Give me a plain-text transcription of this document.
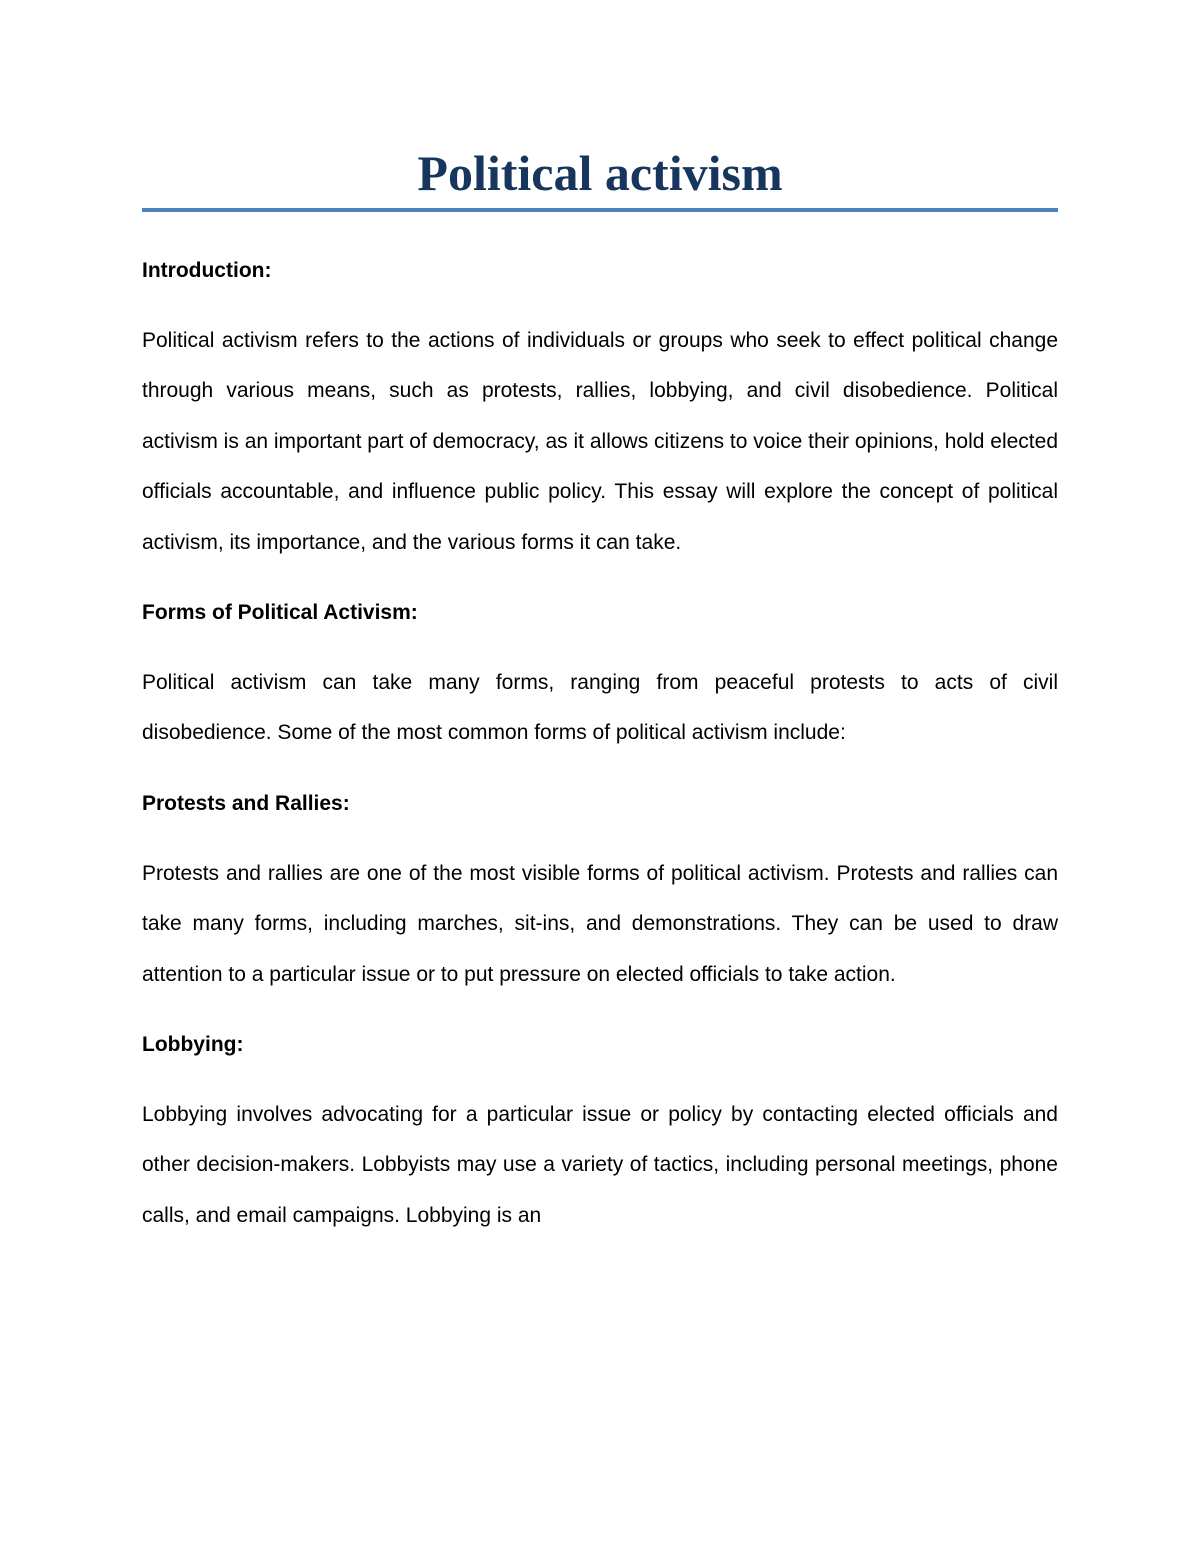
Political activism

Introduction:

Political activism refers to the actions of individuals or groups who seek to effect political change through various means, such as protests, rallies, lobbying, and civil disobedience. Political activism is an important part of democracy, as it allows citizens to voice their opinions, hold elected officials accountable, and influence public policy. This essay will explore the concept of political activism, its importance, and the various forms it can take.

Forms of Political Activism:

Political activism can take many forms, ranging from peaceful protests to acts of civil disobedience. Some of the most common forms of political activism include:

Protests and Rallies:

Protests and rallies are one of the most visible forms of political activism. Protests and rallies can take many forms, including marches, sit-ins, and demonstrations. They can be used to draw attention to a particular issue or to put pressure on elected officials to take action.

Lobbying:

Lobbying involves advocating for a particular issue or policy by contacting elected officials and other decision-makers. Lobbyists may use a variety of tactics, including personal meetings, phone calls, and email campaigns. Lobbying is an
